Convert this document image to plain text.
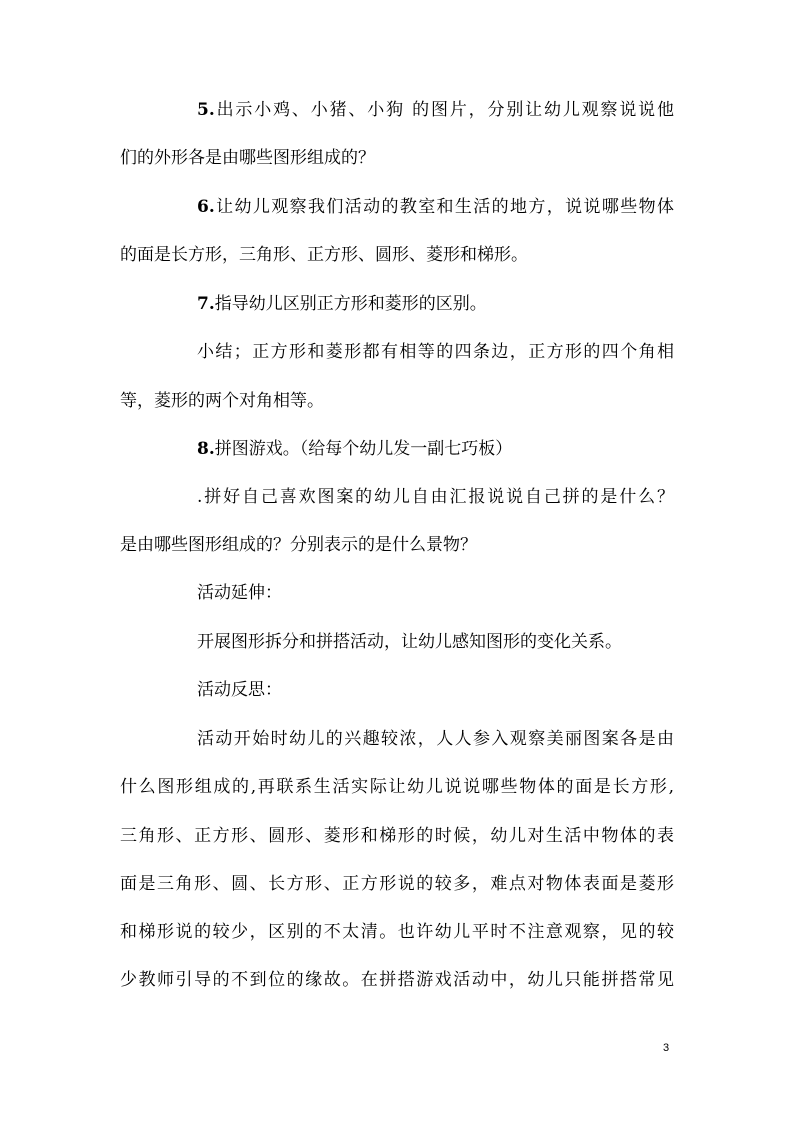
5.出示小鸡、小猪、小狗 的图片，分别让幼儿观察说说他
们的外形各是由哪些图形组成的？
6.让幼儿观察我们活动的教室和生活的地方，说说哪些物体
的面是长方形，三角形、正方形、圆形、菱形和梯形。
7.指导幼儿区别正方形和菱形的区别。
小结；正方形和菱形都有相等的四条边，正方形的四个角相
等，菱形的两个对角相等。
8.拼图游戏。（给每个幼儿发一副七巧板）
.拼好自己喜欢图案的幼儿自由汇报说说自己拼的是什么？
是由哪些图形组成的？分别表示的是什么景物？
活动延伸：
开展图形拆分和拼搭活动，让幼儿感知图形的变化关系。
活动反思：
活动开始时幼儿的兴趣较浓，人人参入观察美丽图案各是由
什么图形组成的,再联系生活实际让幼儿说说哪些物体的面是长方形,
三角形、正方形、圆形、菱形和梯形的时候，幼儿对生活中物体的表
面是三角形、圆、长方形、正方形说的较多，难点对物体表面是菱形
和梯形说的较少，区别的不太清。也许幼儿平时不注意观察，见的较
少教师引导的不到位的缘故。在拼搭游戏活动中，幼儿只能拼搭常见
3
